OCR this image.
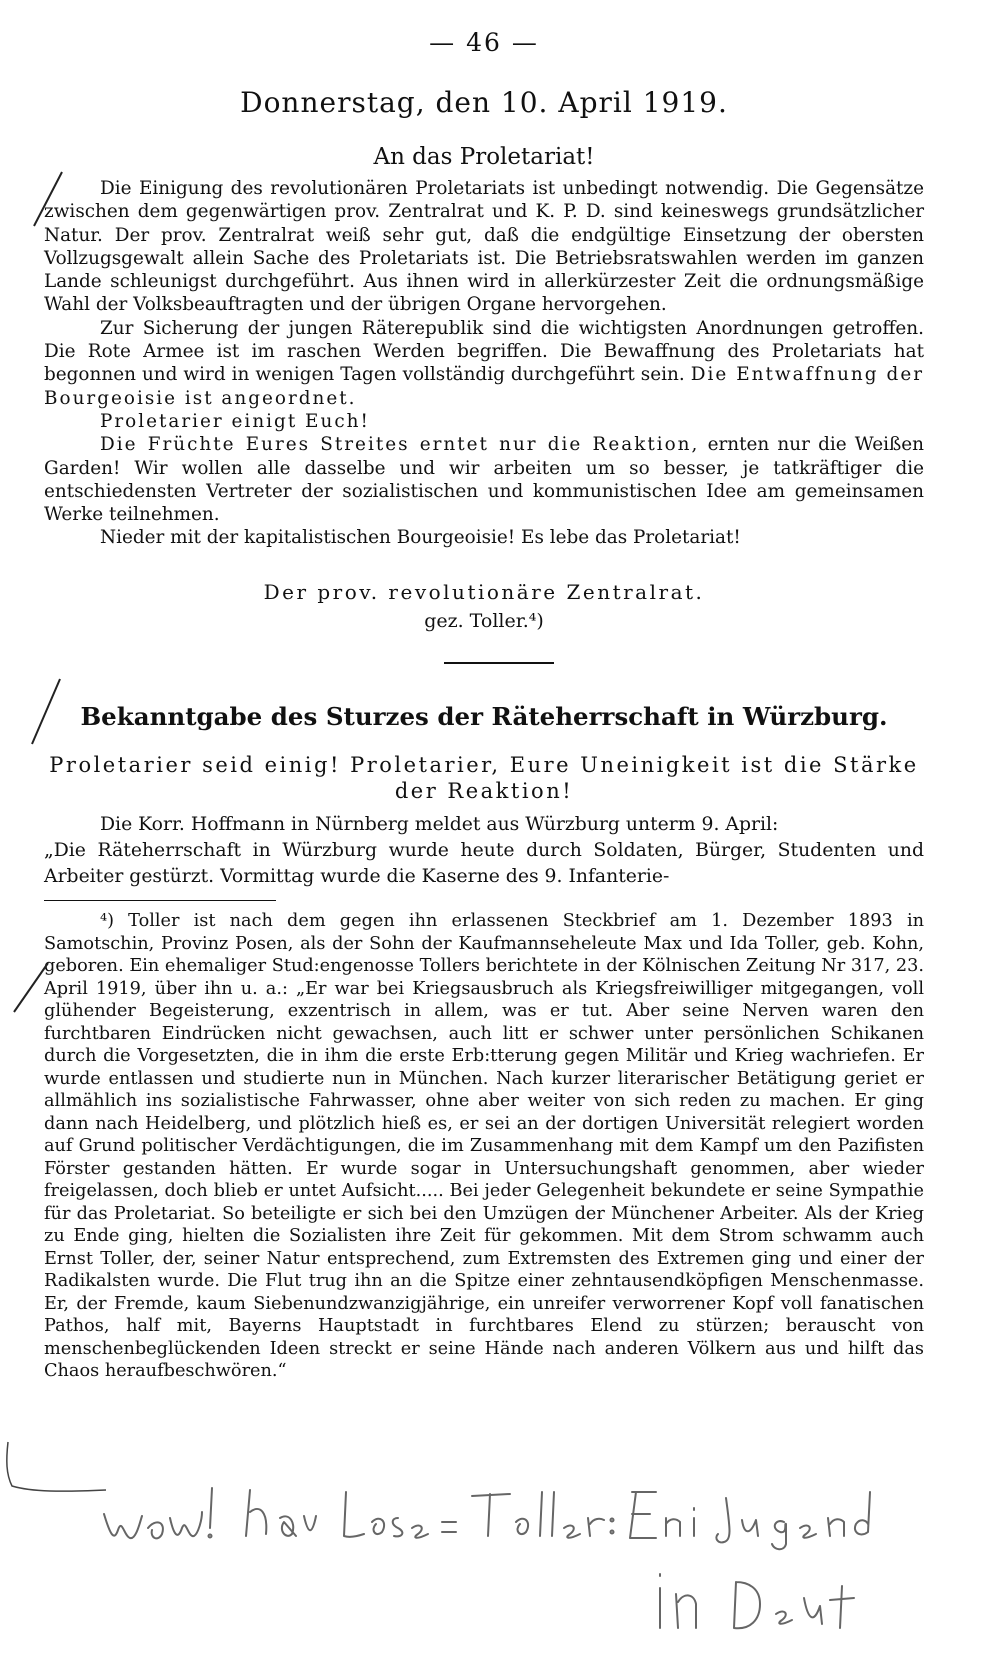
— 46 —
Donnerstag, den 10. April 1919.
An das Proletariat!

Die Einigung des revolutionären Proletariats ist unbedingt notwendig. Die Gegensätze zwischen dem gegenwärtigen prov. Zentralrat und K. P. D. sind keineswegs grundsätzlicher Natur. Der prov. Zentralrat weiß sehr gut, daß die endgültige Einsetzung der obersten Vollzugsgewalt allein Sache des Proletariats ist. Die Betriebsratswahlen werden im ganzen Lande schleunigst durchgeführt. Aus ihnen wird in allerkürzester Zeit die ordnungsmäßige Wahl der Volksbeauftragten und der übrigen Organe hervorgehen.

Zur Sicherung der jungen Räterepublik sind die wichtigsten Anordnungen getroffen. Die Rote Armee ist im raschen Werden begriffen. Die Bewaffnung des Proletariats hat begonnen und wird in wenigen Tagen vollständig durchgeführt sein. Die Entwaffnung der Bourgeoisie ist angeordnet.

Proletarier einigt Euch!

Die Früchte Eures Streites erntet nur die Reaktion, ernten nur die Weißen Garden! Wir wollen alle dasselbe und wir arbeiten um so besser, je tatkräftiger die entschiedensten Vertreter der sozialistischen und kommunistischen Idee am gemeinsamen Werke teilnehmen.

Nieder mit der kapitalistischen Bourgeoisie! Es lebe das Proletariat!

Der prov. revolutionäre Zentralrat.
gez. Toller.⁴)
Bekanntgabe des Sturzes der Räteherrschaft in Würzburg.
Proletarier seid einig! Proletarier, Eure Uneinigkeit ist die Stärke der Reaktion!

Die Korr. Hoffmann in Nürnberg meldet aus Würzburg unterm 9. April:

„Die Räteherrschaft in Würzburg wurde heute durch Soldaten, Bürger, Studenten und Arbeiter gestürzt. Vormittag wurde die Kaserne des 9. Infanterie-

⁴) Toller ist nach dem gegen ihn erlassenen Steckbrief am 1. Dezember 1893 in Samotschin, Provinz Posen, als der Sohn der Kaufmannseheleute Max und Ida Toller, geb. Kohn, geboren. Ein ehemaliger Stud:engenosse Tollers berichtete in der Kölnischen Zeitung Nr 317, 23. April 1919, über ihn u. a.: „Er war bei Kriegsausbruch als Kriegsfreiwilliger mitgegangen, voll glühender Begeisterung, exzentrisch in allem, was er tut. Aber seine Nerven waren den furchtbaren Eindrücken nicht gewachsen, auch litt er schwer unter persönlichen Schikanen durch die Vorgesetzten, die in ihm die erste Erb:tterung gegen Militär und Krieg wachriefen. Er wurde entlassen und studierte nun in München. Nach kurzer literarischer Betätigung geriet er allmählich ins sozialistische Fahrwasser, ohne aber weiter von sich reden zu machen. Er ging dann nach Heidelberg, und plötzlich hieß es, er sei an der dortigen Universität relegiert worden auf Grund politischer Verdächtigungen, die im Zusammenhang mit dem Kampf um den Pazifisten Förster gestanden hätten. Er wurde sogar in Untersuchungshaft genommen, aber wieder freigelassen, doch blieb er untet Aufsicht..... Bei jeder Gelegenheit bekundete er seine Sympathie für das Proletariat. So beteiligte er sich bei den Umzügen der Münchener Arbeiter. Als der Krieg zu Ende ging, hielten die Sozialisten ihre Zeit für gekommen. Mit dem Strom schwamm auch Ernst Toller, der, seiner Natur entsprechend, zum Extremsten des Extremen ging und einer der Radikalsten wurde. Die Flut trug ihn an die Spitze einer zehntausendköpfigen Menschenmasse. Er, der Fremde, kaum Siebenundzwanzigjährige, ein unreifer verworrener Kopf voll fanatischen Pathos, half mit, Bayerns Hauptstadt in furchtbares Elend zu stürzen; berauscht von menschenbeglückenden Ideen streckt er seine Hände nach anderen Völkern aus und hilft das Chaos heraufbeschwören.“
